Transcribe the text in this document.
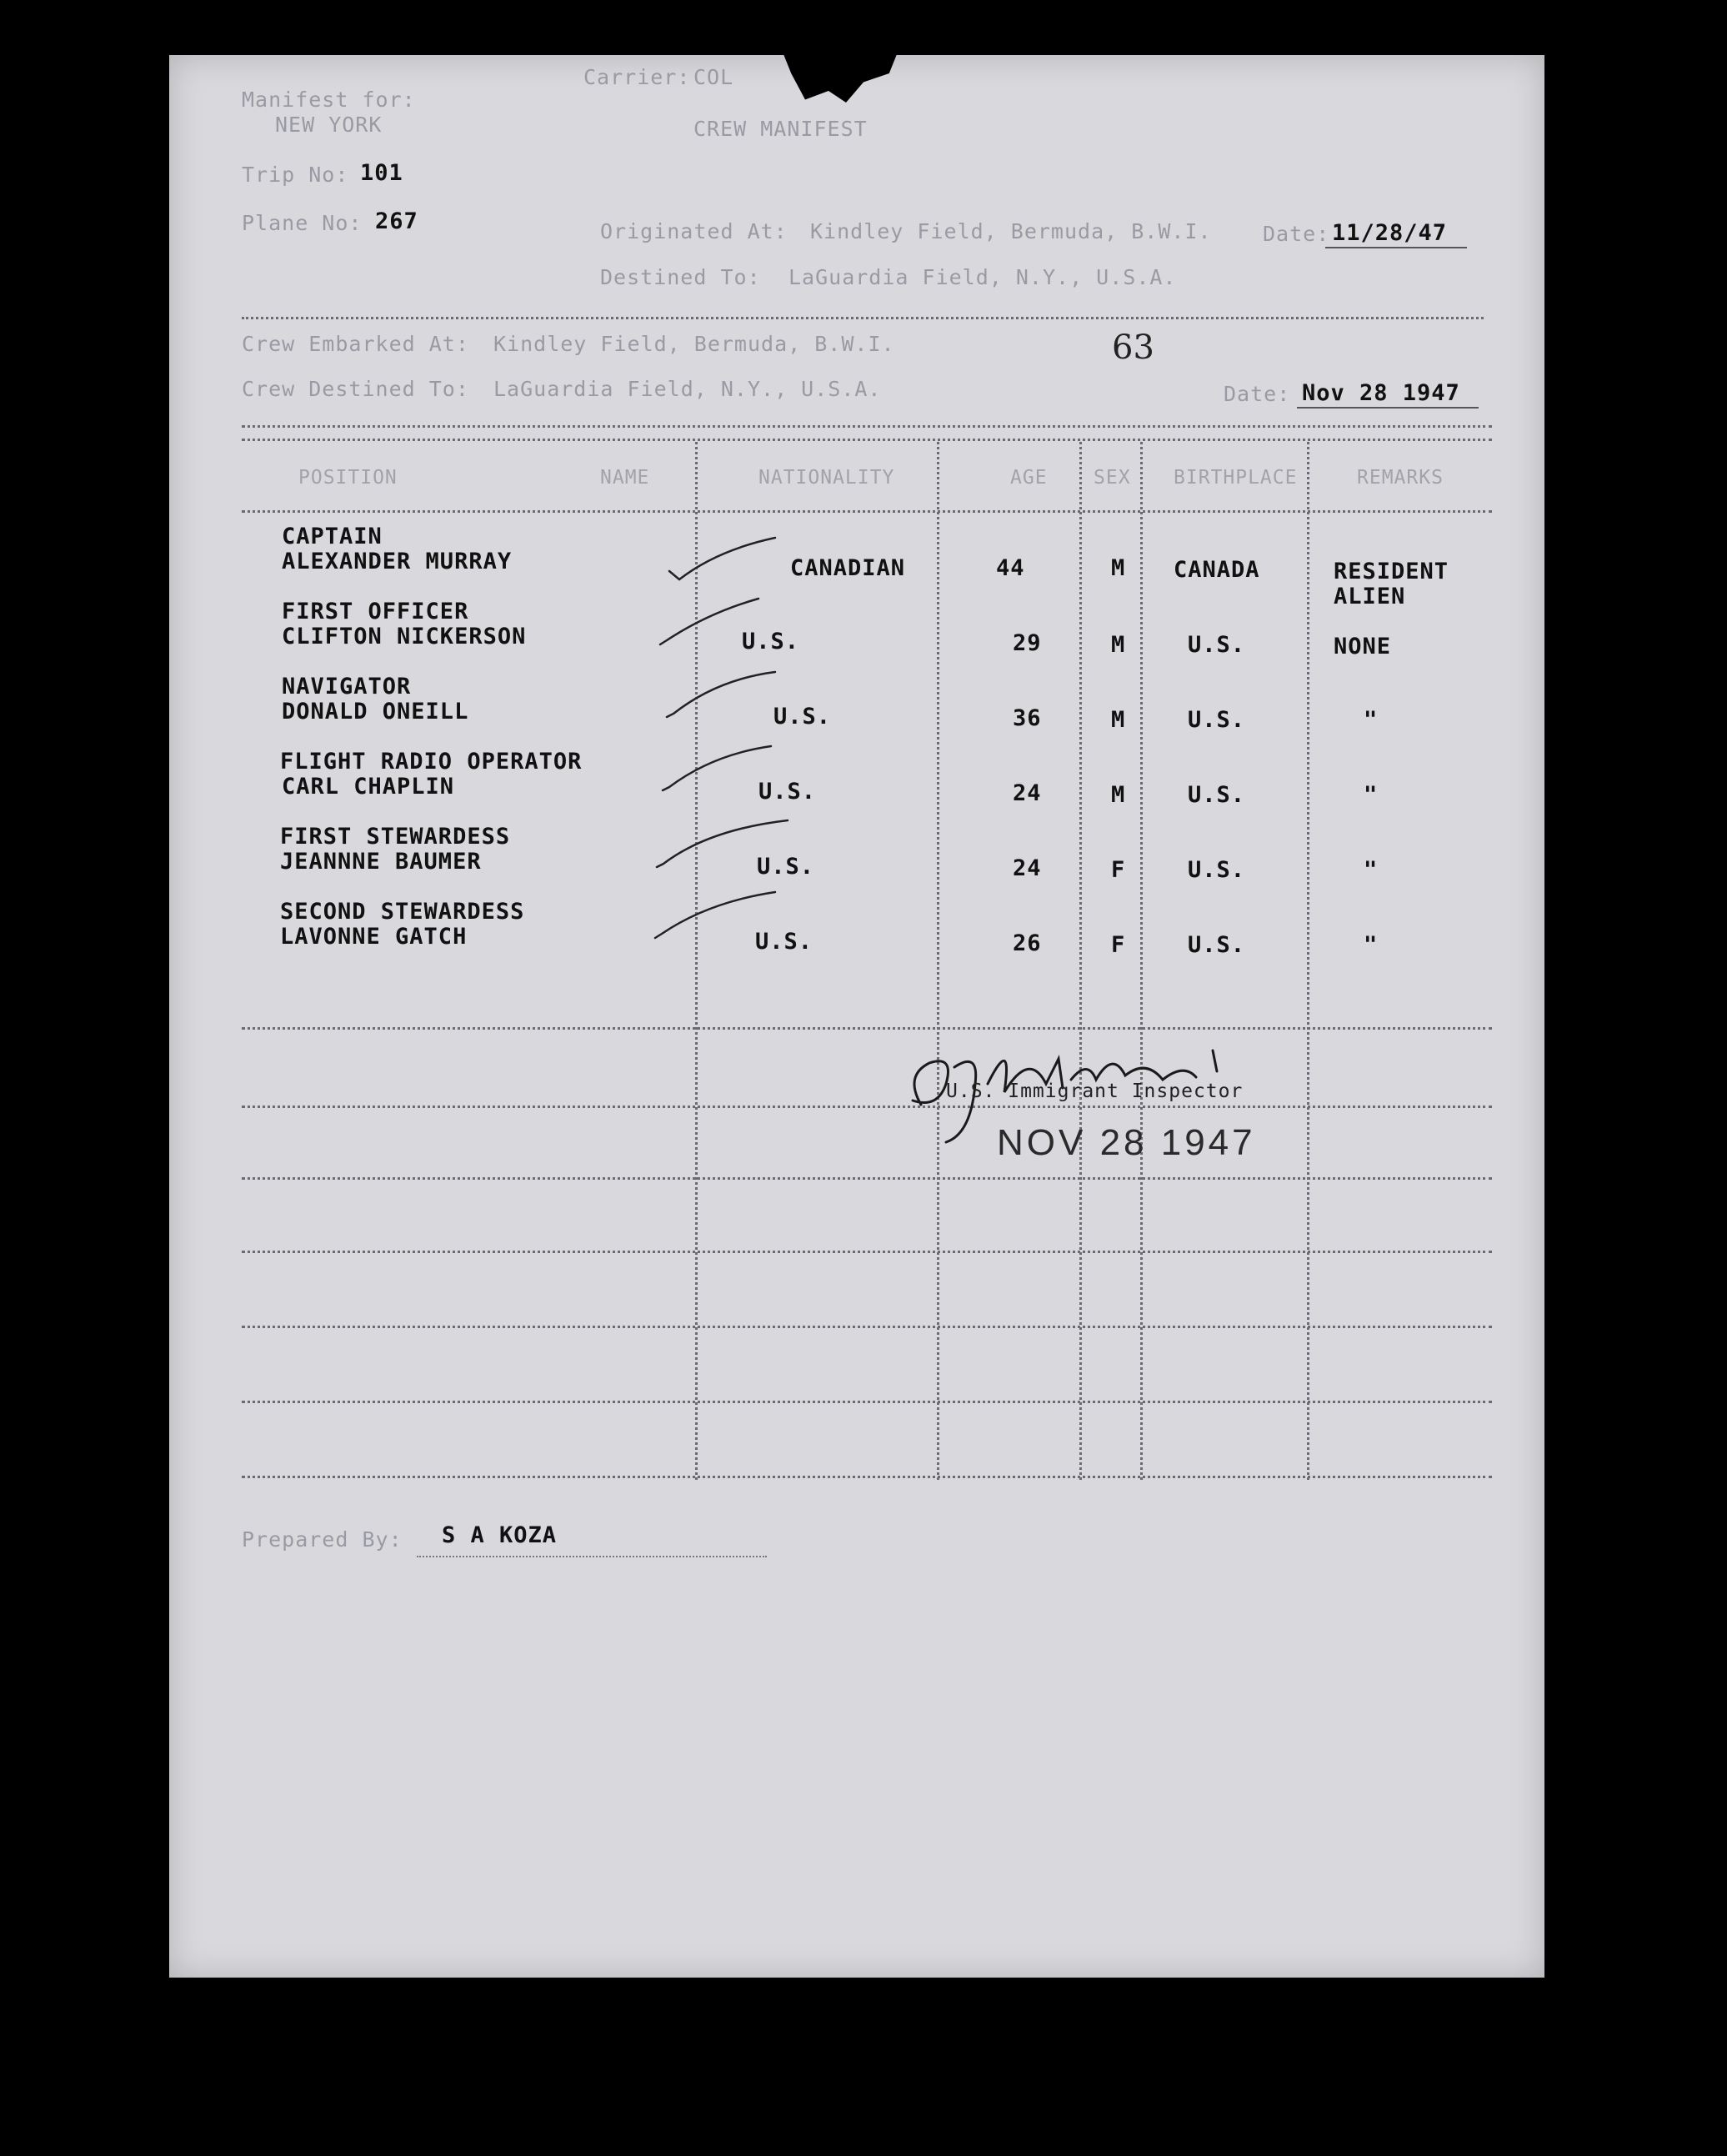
Manifest for:
NEW YORK
Carrier: COL
CREW MANIFEST
Trip No: 101
Plane No: 267	Originated At: Kindley Field, Bermuda, B.W.I. Date: 11/28/47
Destined To: LaGuardia Field, N.Y., U.S.A.
Crew Embarked At: Kindley Field, Bermuda, B.W.I.	63
Crew Destined To: LaGuardia Field, N.Y., U.S.A.	Date: Nov 28 1947
POSITION	NAME	NATIONALITY	AGE SEX BIRTHPLACE	REMARKS
CAPTAIN
ALEXANDER MURRAY	CANADIAN	44	M CANADA	RESIDENT
ALIEN
FIRST OFFICER
CLIFTON NICKERSON	U.S.	29	M	U.S.	NONE
NAVIGATOR
DONALD ONEILL	U.S.	36	M	U.S.	"
FLIGHT RADIO OPERATOR
CARL CHAPLIN	U.S.	24	M	U.S.	"
FIRST STEWARDESS
JEANNNE BAUMER	U.S.	24	F	U.S.	"
SECOND STEWARDESS
LAVONNE GATCH	U.S.	26	F	U.S.	"
U.S. Immigrant Inspector
NOV 28 1947
Prepared By: S A KOZA
